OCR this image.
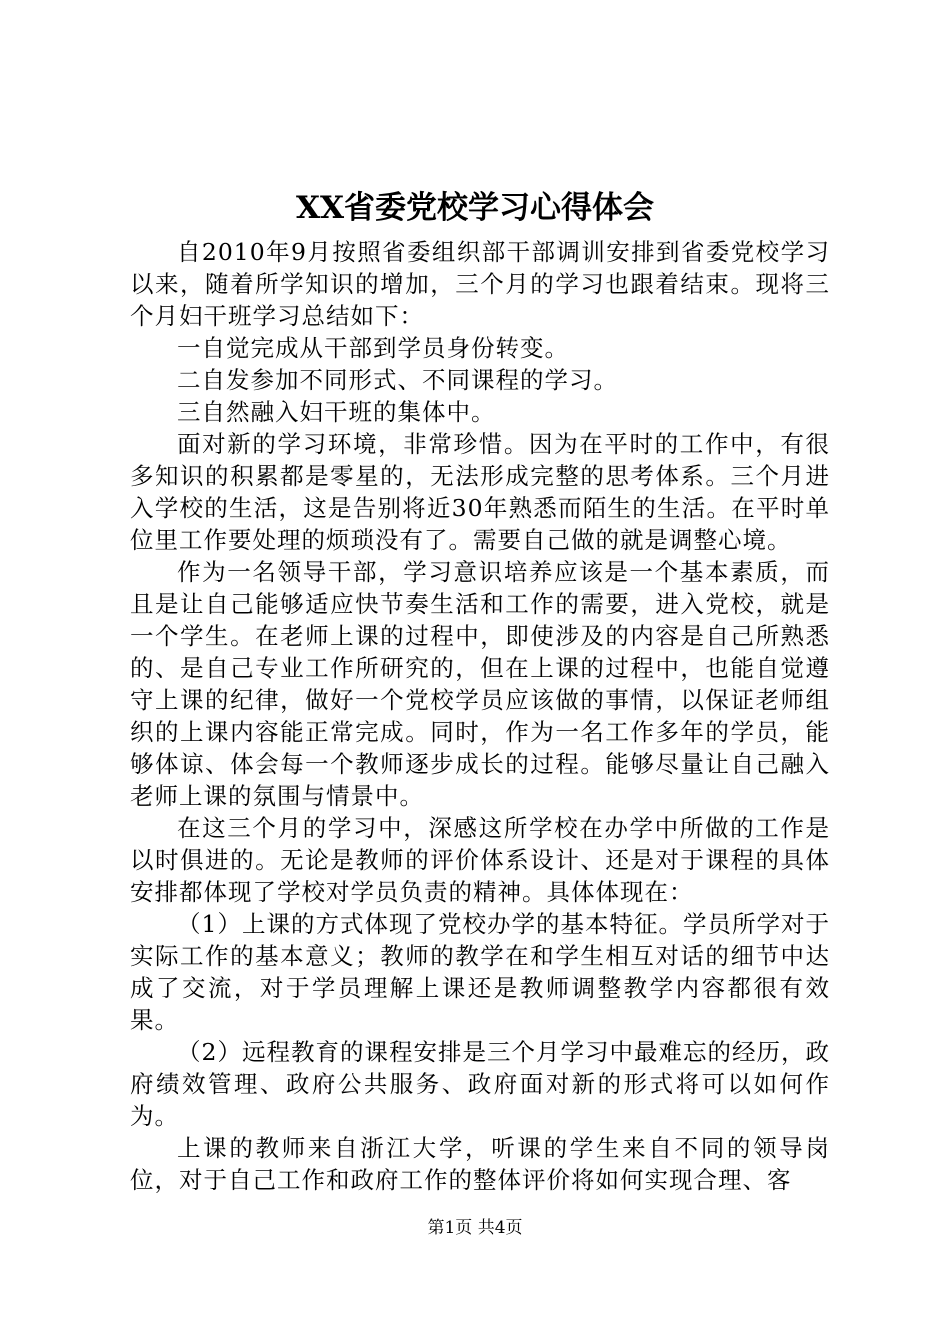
XX省委党校学习心得体会

自2010年9月按照省委组织部干部调训安排到省委党校学习以来，随着所学知识的增加，三个月的学习也跟着结束。现将三个月妇干班学习总结如下：

一自觉完成从干部到学员身份转变。

二自发参加不同形式、不同课程的学习。

三自然融入妇干班的集体中。

面对新的学习环境，非常珍惜。因为在平时的工作中，有很多知识的积累都是零星的，无法形成完整的思考体系。三个月进入学校的生活，这是告别将近30年熟悉而陌生的生活。在平时单位里工作要处理的烦琐没有了。需要自己做的就是调整心境。

作为一名领导干部，学习意识培养应该是一个基本素质，而且是让自己能够适应快节奏生活和工作的需要，进入党校，就是一个学生。在老师上课的过程中，即使涉及的内容是自己所熟悉的、是自己专业工作所研究的，但在上课的过程中，也能自觉遵守上课的纪律，做好一个党校学员应该做的事情，以保证老师组织的上课内容能正常完成。同时，作为一名工作多年的学员，能够体谅、体会每一个教师逐步成长的过程。能够尽量让自己融入老师上课的氛围与情景中。

在这三个月的学习中，深感这所学校在办学中所做的工作是以时俱进的。无论是教师的评价体系设计、还是对于课程的具体安排都体现了学校对学员负责的精神。具体体现在：

（1）上课的方式体现了党校办学的基本特征。学员所学对于实际工作的基本意义；教师的教学在和学生相互对话的细节中达成了交流，对于学员理解上课还是教师调整教学内容都很有效果。

（2）远程教育的课程安排是三个月学习中最难忘的经历，政府绩效管理、政府公共服务、政府面对新的形式将可以如何作为。

上课的教师来自浙江大学，听课的学生来自不同的领导岗位，对于自己工作和政府工作的整体评价将如何实现合理、客

第1页 共4页
